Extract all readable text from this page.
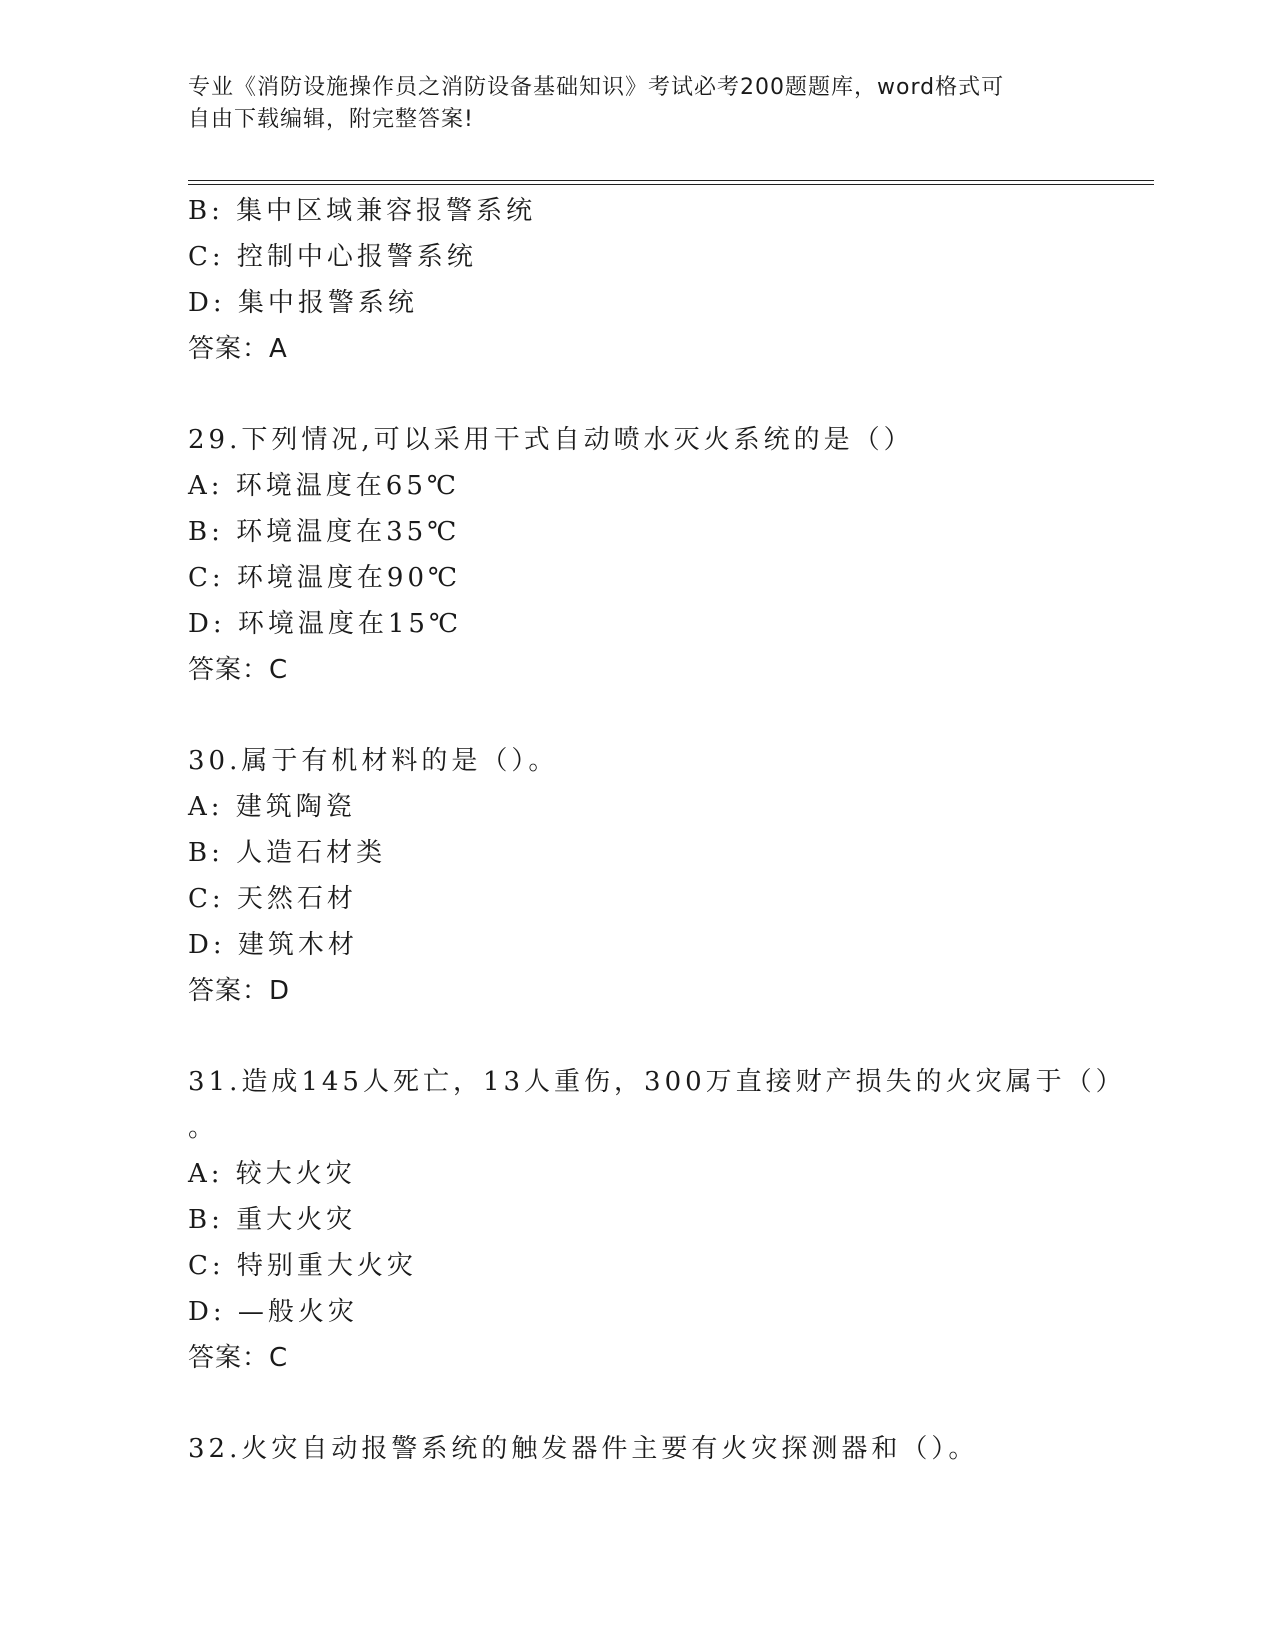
专业《消防设施操作员之消防设备基础知识》考试必考200题题库，word格式可
自由下载编辑，附完整答案!
B: 集中区域兼容报警系统
C: 控制中心报警系统
D: 集中报警系统
答案：A
29.下列情况,可以采用干式自动喷水灭火系统的是（）
A: 环境温度在65℃
B: 环境温度在35℃
C: 环境温度在90℃
D: 环境温度在15℃
答案：C
30.属于有机材料的是（）。
A: 建筑陶瓷
B: 人造石材类
C: 天然石材
D: 建筑木材
答案：D
31.造成145人死亡，13人重伤，300万直接财产损失的火灾属于（）
。
A: 较大火灾
B: 重大火灾
C: 特别重大火灾
D: —般火灾
答案：C
32.火灾自动报警系统的触发器件主要有火灾探测器和（）。
